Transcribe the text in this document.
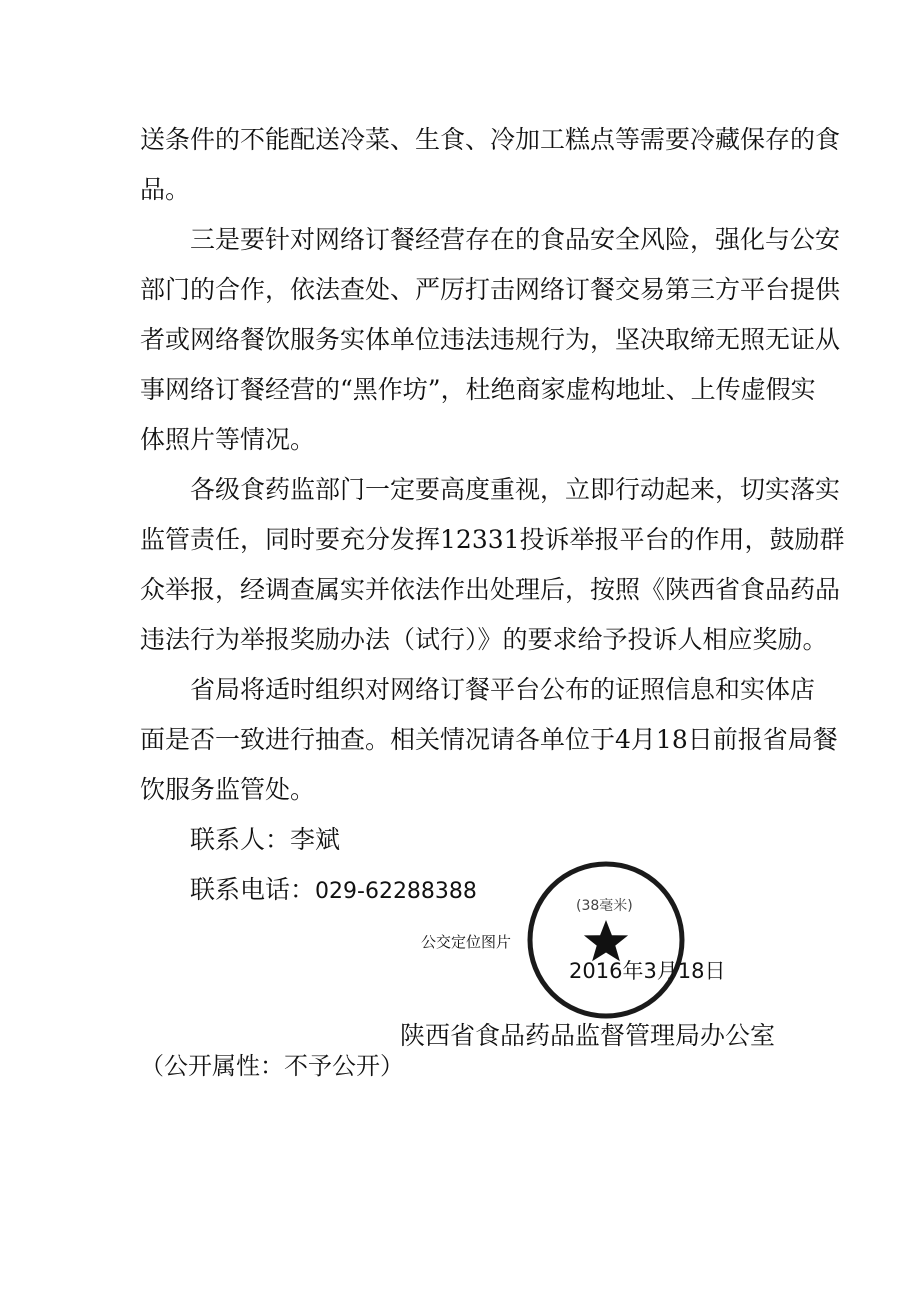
送条件的不能配送冷菜、生食、冷加工糕点等需要冷藏保存的食
品。
三是要针对网络订餐经营存在的食品安全风险，强化与公安
部门的合作，依法查处、严厉打击网络订餐交易第三方平台提供
者或网络餐饮服务实体单位违法违规行为，坚决取缔无照无证从
事网络订餐经营的“黑作坊”，杜绝商家虚构地址、上传虚假实
体照片等情况。
各级食药监部门一定要高度重视，立即行动起来，切实落实
监管责任，同时要充分发挥12331投诉举报平台的作用，鼓励群
众举报，经调查属实并依法作出处理后，按照《陕西省食品药品
违法行为举报奖励办法（试行）》的要求给予投诉人相应奖励。
省局将适时组织对网络订餐平台公布的证照信息和实体店
面是否一致进行抽查。相关情况请各单位于4月18日前报省局餐
饮服务监管处。
联系人：李斌
联系电话：029-62288388
(38毫米)
公交定位图片
2016年3月18日
陕西省食品药品监督管理局办公室
（公开属性：不予公开）
